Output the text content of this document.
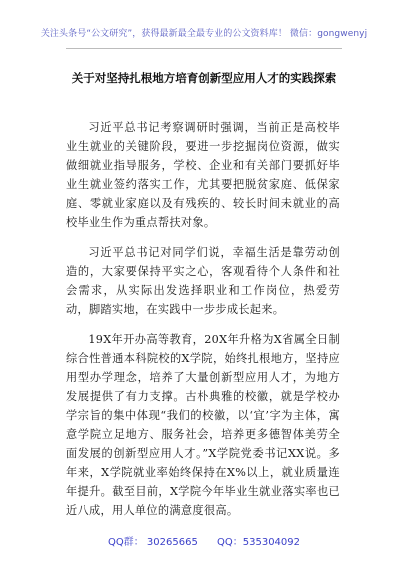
关注头条号“公文研究”，获得最新最全最专业的公文资料库！ 微信：gongwenyj
关于对坚持扎根地方培育创新型应用人才的实践探索

习近平总书记考察调研时强调，当前正是高校毕业生就业的关键阶段，要进一步挖掘岗位资源，做实做细就业指导服务，学校、企业和有关部门要抓好毕业生就业签约落实工作，尤其要把脱贫家庭、低保家庭、零就业家庭以及有残疾的、较长时间未就业的高校毕业生作为重点帮扶对象。

习近平总书记对同学们说，幸福生活是靠劳动创造的，大家要保持平实之心，客观看待个人条件和社会需求，从实际出发选择职业和工作岗位，热爱劳动，脚踏实地，在实践中一步步成长起来。

19X年开办高等教育，20X年升格为X省属全日制综合性普通本科院校的X学院，始终扎根地方，坚持应用型办学理念，培养了大量创新型应用人才，为地方发展提供了有力支撑。古朴典雅的校徽，就是学校办学宗旨的集中体现“我们的校徽，以‘宜’字为主体，寓意学院立足地方、服务社会，培养更多德智体美劳全面发展的创新型应用人才。”X学院党委书记XX说。多年来，X学院就业率始终保持在X%以上，就业质量连年提升。截至目前，X学院今年毕业生就业落实率也已近八成，用人单位的满意度很高。

QQ群： 30265665 QQ：535304092
